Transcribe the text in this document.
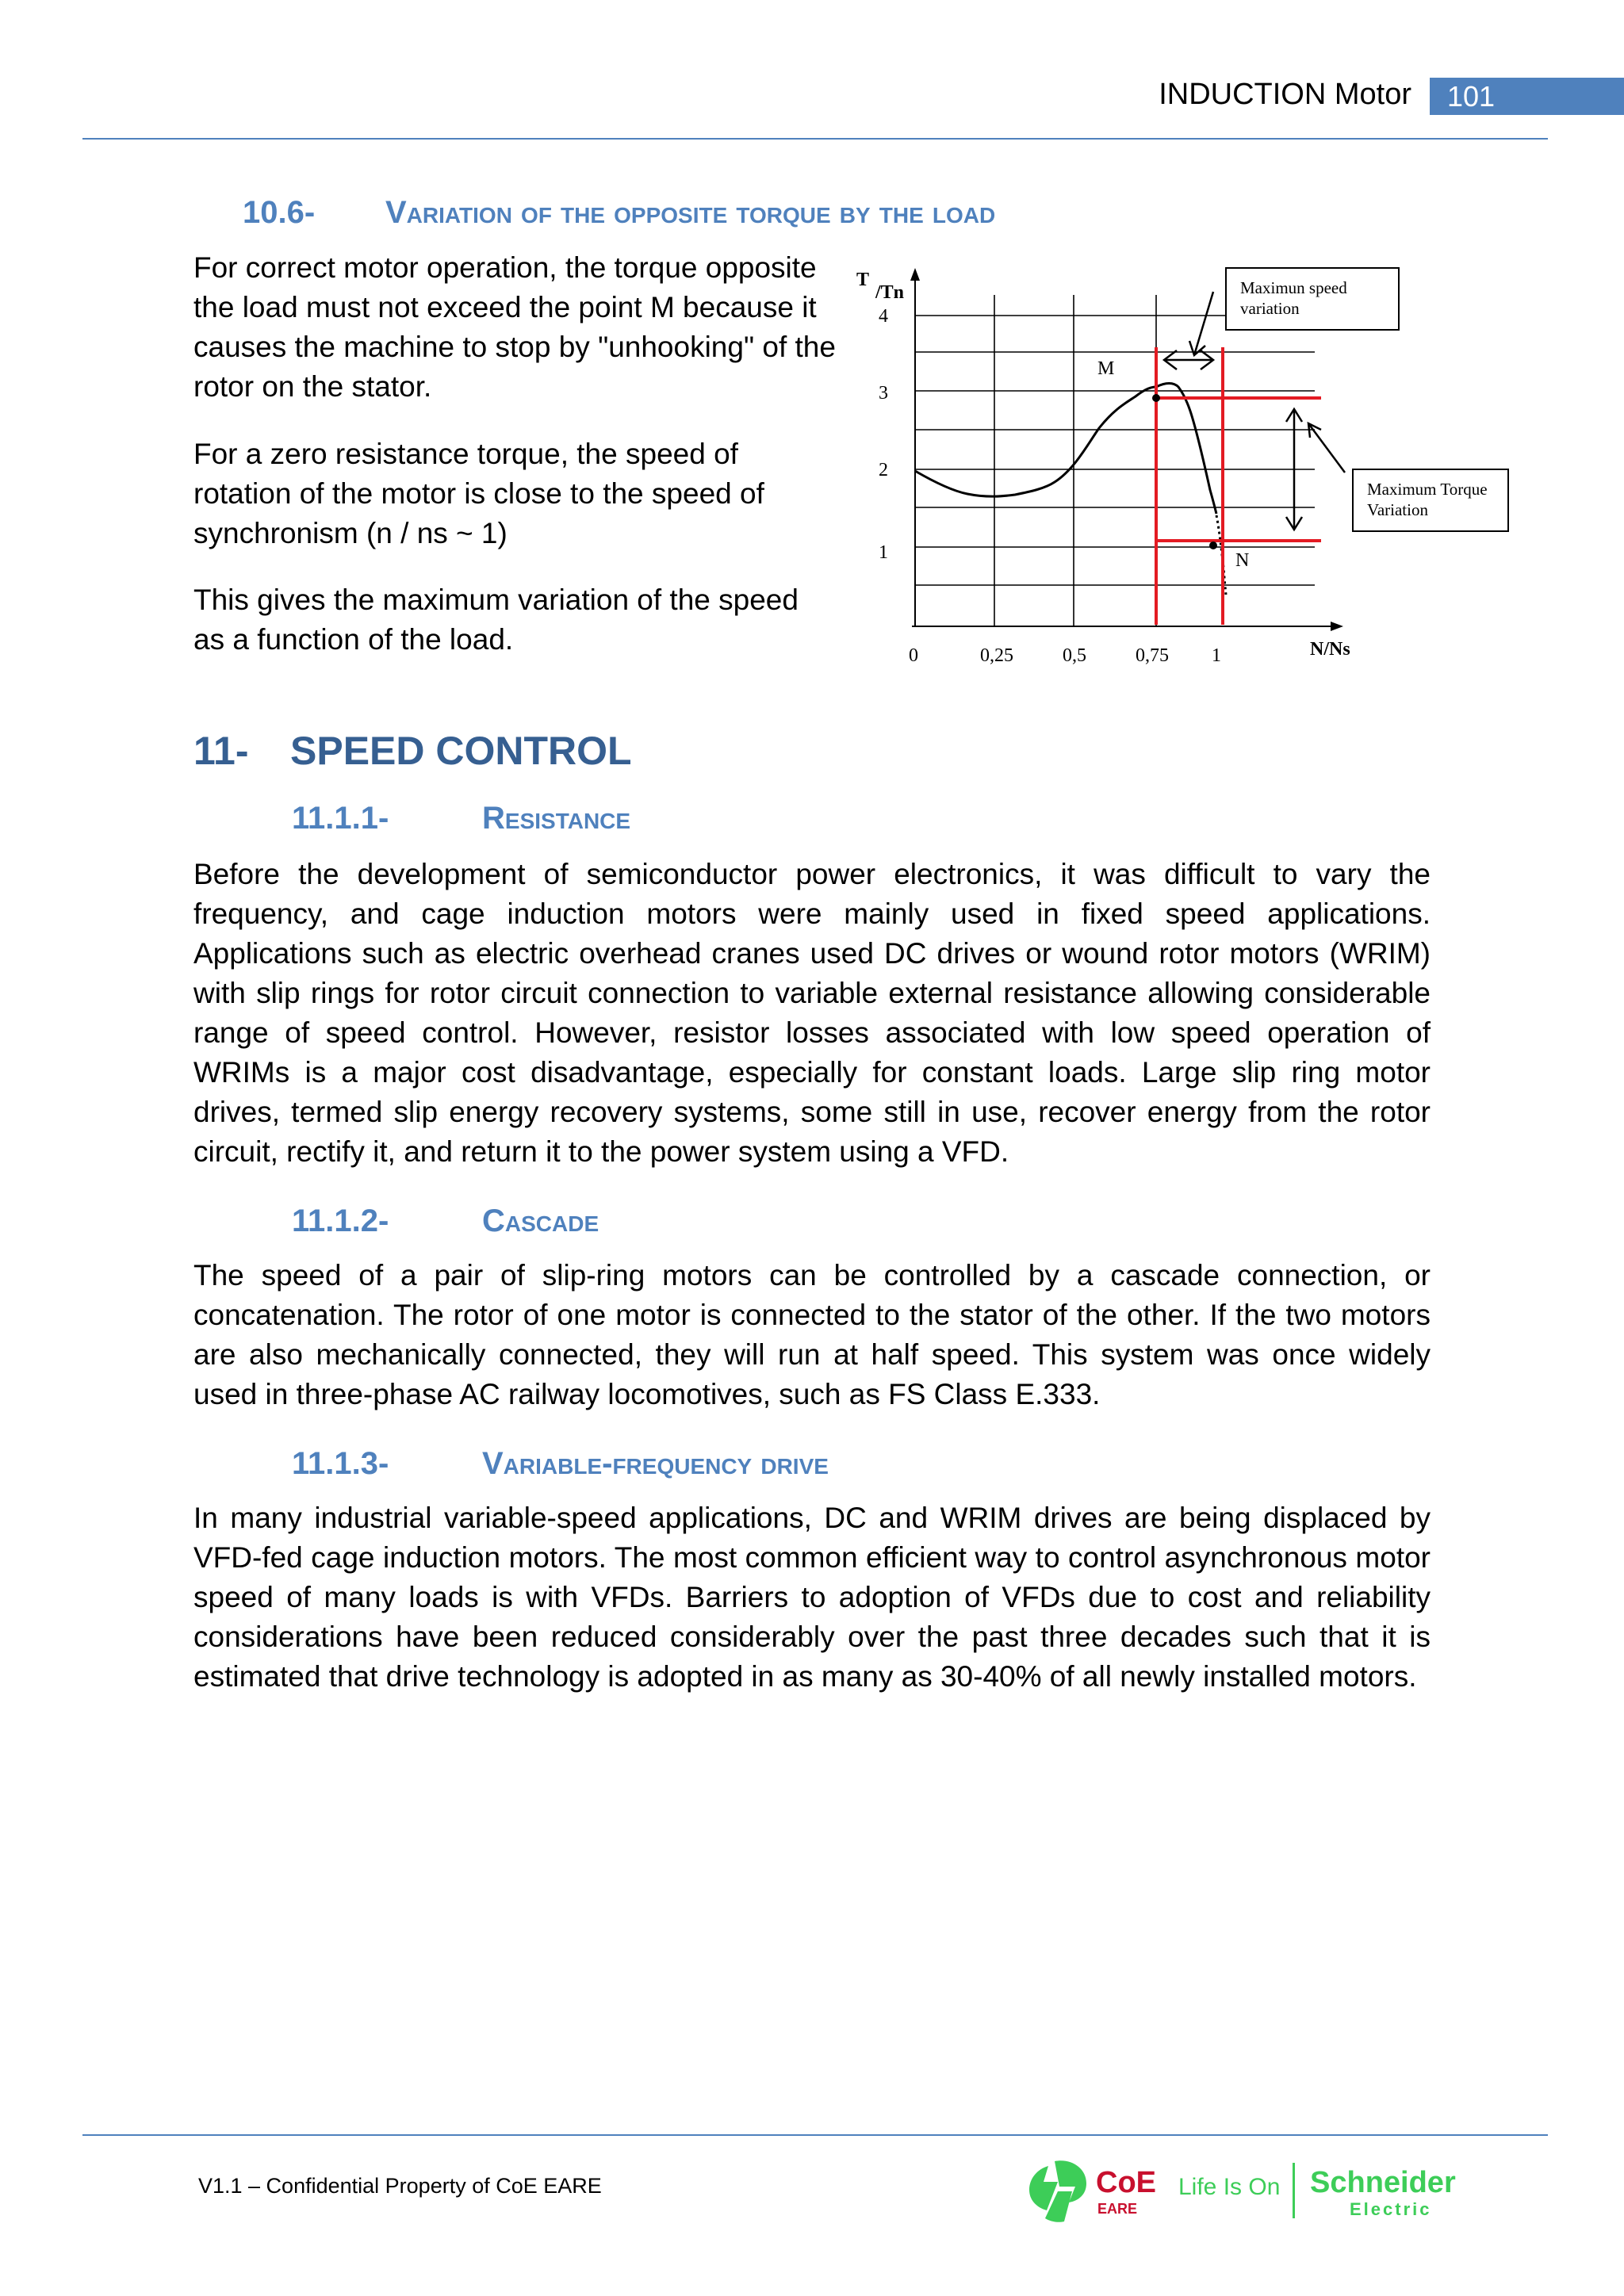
INDUCTION Motor	101
10.6- Variation of the opposite torque by the load

For correct motor operation, the torque opposite the load must not exceed the point M because it causes the machine to stop by "unhooking" of the rotor on the stator.

For a zero resistance torque, the speed of rotation of the motor is close to the speed of synchronism (n / ns ~ 1)

This gives the maximum variation of the speed as a function of the load.

T
/Tn
N/Ns
4
3
2
1
0	0,25	0,5	0,75 1
M
N
Maximun speed
variation
Maximum Torque
Variation
11- SPEED CONTROL
11.1.1-	Resistance

Before the development of semiconductor power electronics, it was difficult to vary the frequency, and cage induction motors were mainly used in fixed speed applications. Applications such as electric overhead cranes used DC drives or wound rotor motors (WRIM) with slip rings for rotor circuit connection to variable external resistance allowing considerable range of speed control. However, resistor losses associated with low speed operation of WRIMs is a major cost disadvantage, especially for constant loads. Large slip ring motor drives, termed slip energy recovery systems, some still in use, recover energy from the rotor circuit, rectify it, and return it to the power system using a VFD.

11.1.2-	Cascade

The speed of a pair of slip-ring motors can be controlled by a cascade connection, or concatenation. The rotor of one motor is connected to the stator of the other. If the two motors are also mechanically connected, they will run at half speed. This system was once widely used in three-phase AC railway locomotives, such as FS Class E.333.

11.1.3-	Variable-frequency drive

In many industrial variable-speed applications, DC and WRIM drives are being displaced by VFD-fed cage induction motors. The most common efficient way to control asynchronous motor speed of many loads is with VFDs. Barriers to adoption of VFDs due to cost and reliability considerations have been reduced considerably over the past three decades such that it is estimated that drive technology is adopted in as many as 30-40% of all newly installed motors.

V1.1 – Confidential Property of CoE EARE	CoE
EARE
Life Is On Schneider
Electric
